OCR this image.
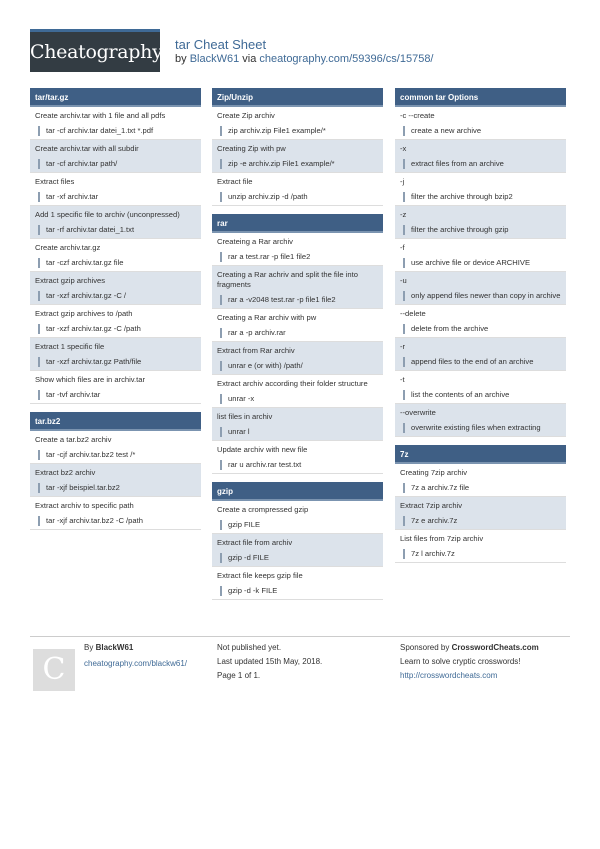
Cheatography tar Cheat Sheet
by BlackW61 via cheatography.com/59396/cs/15758/
tar/tar.gz
Create archiv.tar with 1 file and all pdfs
tar -cf archiv.tar datei_1.txt *.pdf
Create archiv.tar with all subdir
tar -cf archiv.tar path/
Extract files
tar -xf archiv.tar
Add 1 specific file to archiv (unconpressed)
tar -rf archiv.tar datei_1.txt
Create archiv.tar.gz
tar -czf archiv.tar.gz file
Extract gzip archives
tar -xzf archiv.tar.gz -C /
Extract gzip archives to /path
tar -xzf archiv.tar.gz -C /path
Extract 1 specific file
tar -xzf archiv.tar.gz Path/file
Show which files are in archiv.tar
tar -tvf archiv.tar
tar.bz2
Create a tar.bz2 archiv
tar -cjf archiv.tar.bz2 test /*
Extract bz2 archiv
tar -xjf beispiel.tar.bz2
Extract archiv to specific path
tar -xjf archiv.tar.bz2 -C /path
Zip/Unzip
Create Zip archiv
zip archiv.zip File1 example/*
Creating Zip with pw
zip -e archiv.zip File1 example/*
Extract file
unzip archiv.zip -d /path
rar
Createing a Rar archiv
rar a test.rar -p file1 file2
Creating a Rar achriv and split the file into fragments
rar a -v2048 test.rar -p file1 file2
Creating a Rar archiv with pw
rar a -p archiv.rar
Extract from Rar archiv
unrar e (or with) /path/
Extract archiv according their folder structure
unrar -x
list files in archiv
unrar l
Update archiv with new file
rar u archiv.rar test.txt
gzip
Create a crompressed gzip
gzip FILE
Extract file from archiv
gzip -d FILE
Extract file keeps gzip file
gzip -d -k FILE
common tar Options
-c --create
create a new archive
-x
extract files from an archive
-j
filter the archive through bzip2
-z
filter the archive through gzip
-f
use archive file or device ARCHIVE
-u
only append files newer than copy in archive
--delete
delete from the archive
-r
append files to the end of an archive
-t
list the contents of an archive
--overwrite
overwrite existing files when extracting
7z
Creating 7zip archiv
7z a archiv.7z file
Extract 7zip archiv
7z e archiv.7z
List files from 7zip archiv
7z l archiv.7z
C
By BlackW61
cheatography.com/blackw61/
Not published yet.
Last updated 15th May, 2018.
Page 1 of 1.
Sponsored by CrosswordCheats.com
Learn to solve cryptic crosswords!
http://crosswordcheats.com
